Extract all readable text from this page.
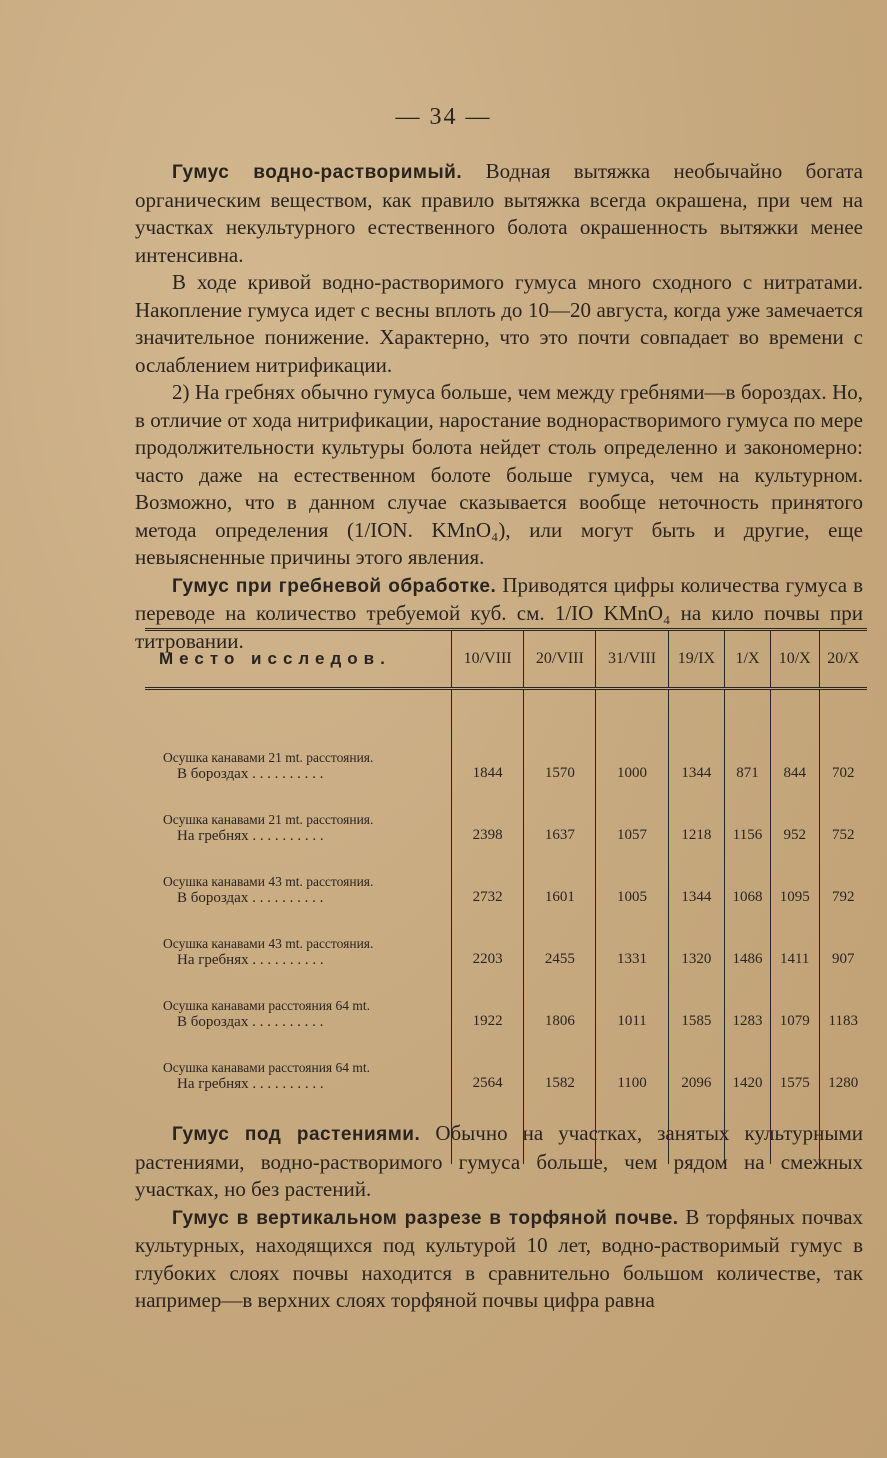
— 34 —

Гумус водно-растворимый. Водная вытяжка необычайно богата органическим веществом, как правило вытяжка всегда окрашена, при чем на участках некультурного естественного болота окрашенность вытяжки менее интенсивна.

В ходе кривой водно-растворимого гумуса много сходного с нитратами. Накопление гумуса идет с весны вплоть до 10—20 августа, когда уже замечается значительное понижение. Характерно, что это почти совпадает во времени с ослаблением нитрификации.

2) На гребнях обычно гумуса больше, чем между гребнями—в бороздах. Но, в отличие от хода нитрификации, наростание воднорастворимого гумуса по мере продолжительности культуры болота нейдет столь определенно и закономерно: часто даже на естественном болоте больше гумуса, чем на культурном. Возможно, что в данном случае сказывается вообще неточность принятого метода определения (1/ІОN. KMnO₄), или могут быть и другие, еще невыясненные причины этого явления.

Гумус при гребневой обработке. Приводятся цифры количества гумуса в переводе на количество требуемой куб. см. 1/IO KMnO₄ на кило почвы при титровании.

Место исследов.	10/VIII	20/VIII	31/VIII	19/IX	1/X	10/X	20/X

Осушка канавами 21 mt. расстояния.
В бороздах . . . . . . . . . .	1844	1570	1000	1344	871	844	702

Осушка канавами 21 mt. расстояния.
На гребнях . . . . . . . . . .	2398	1637	1057	1218	1156	952	752

Осушка канавами 43 mt. расстояния.
В бороздах . . . . . . . . . .	2732	1601	1005	1344	1068	1095	792

Осушка канавами 43 mt. расстояния.
На гребнях . . . . . . . . . .	2203	2455	1331	1320	1486	1411	907

Осушка канавами расстояния 64 mt.
В бороздах . . . . . . . . . .	1922	1806	1011	1585	1283	1079	1183

Осушка канавами расстояния 64 mt.
На гребнях . . . . . . . . . .	2564	1582	1100	2096	1420	1575	1280

Гумус под растениями. Обычно на участках, занятых культурными растениями, водно-растворимого гумуса больше, чем рядом на смежных участках, но без растений.

Гумус в вертикальном разрезе в торфяной почве. В торфяных почвах культурных, находящихся под культурой 10 лет, водно-растворимый гумус в глубоких слоях почвы находится в сравнительно большом количестве, так например—в верхних слоях торфяной почвы цифра равна
